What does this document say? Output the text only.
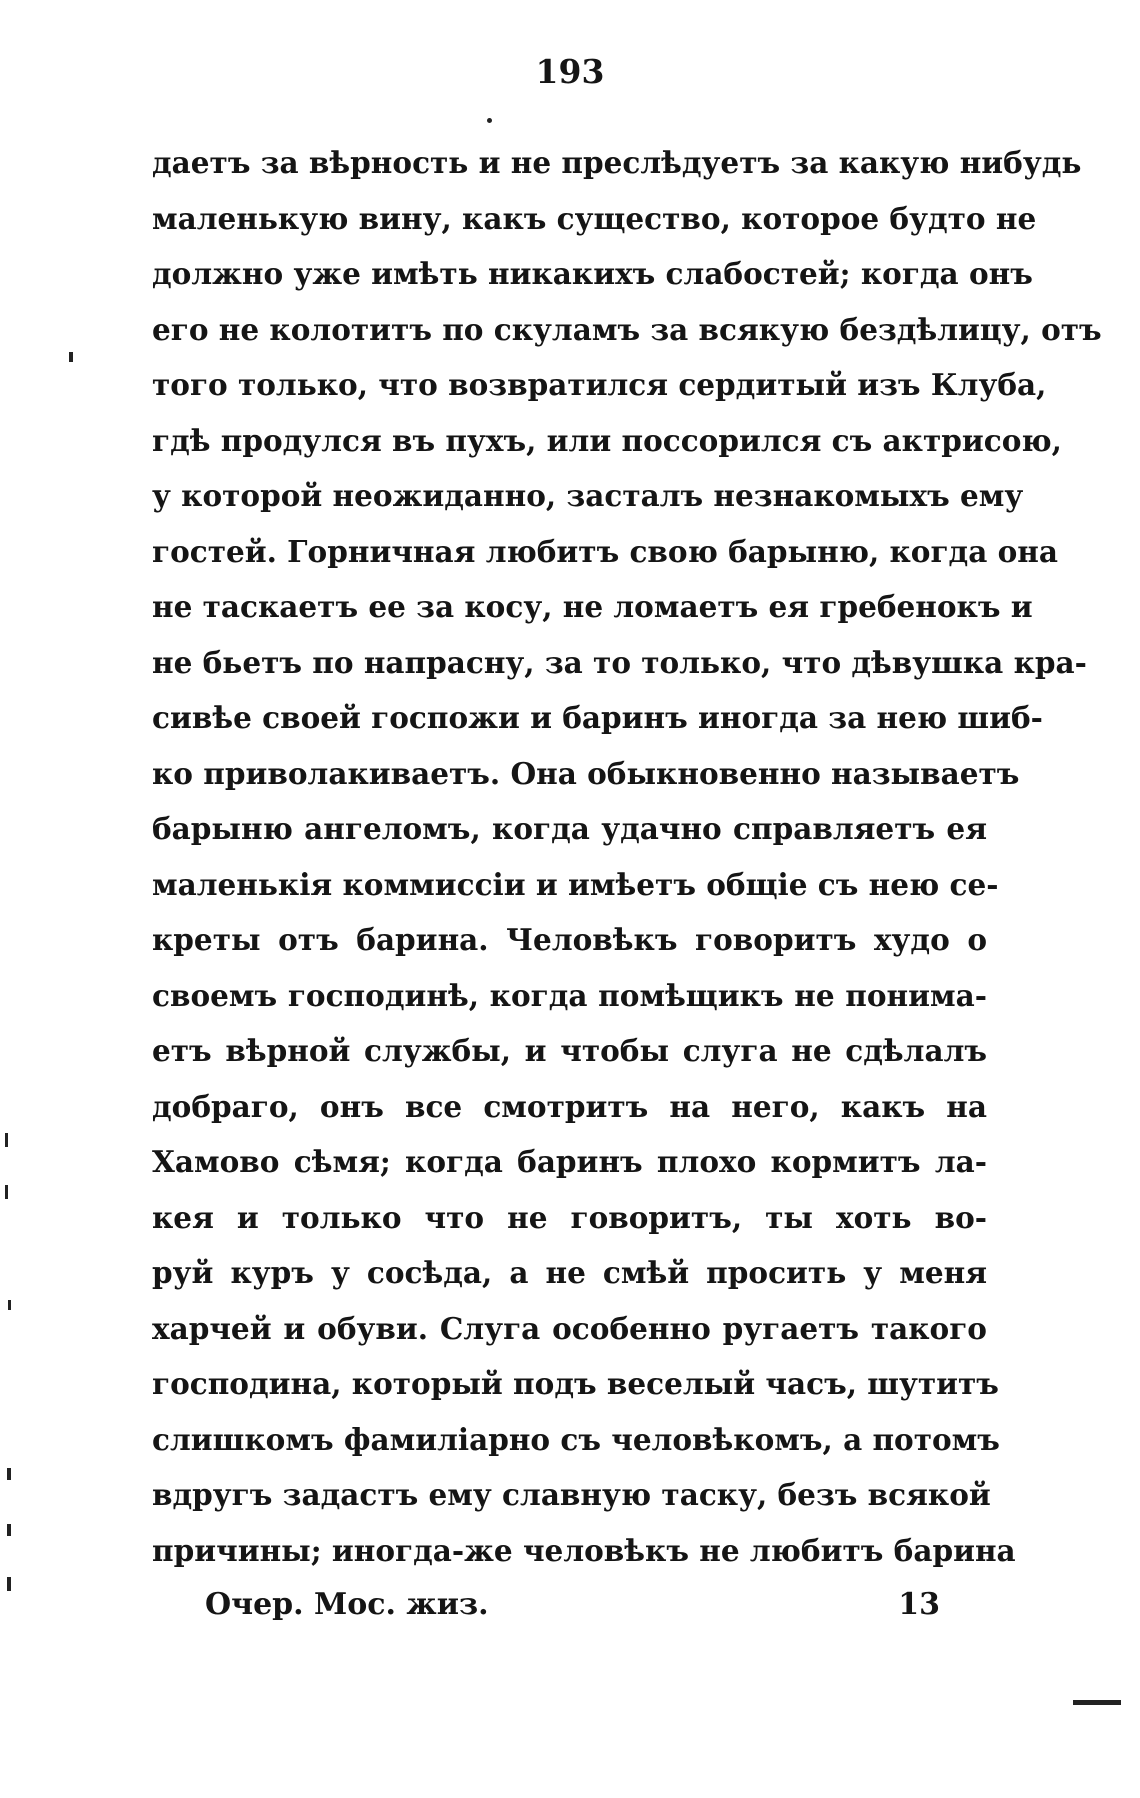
193
даетъ за вѣрность и не преслѣдуетъ за какую нибудь
маленькую вину, какъ существо, которое будто не
должно уже имѣть никакихъ слабостей; когда онъ
его не колотитъ по скуламъ за всякую бездѣлицу, отъ
того только, что возвратился сердитый изъ Клуба,
гдѣ продулся въ пухъ, или поссорился съ актрисою,
у которой неожиданно, засталъ незнакомыхъ ему
гостей. Горничная любитъ свою барыню, когда она
не таскаетъ ее за косу, не ломаетъ ея гребенокъ и
не бьетъ по напрасну, за то только, что дѣвушка кра-
сивѣе своей госпожи и баринъ иногда за нею шиб-
ко приволакиваетъ. Она обыкновенно называетъ
барыню ангеломъ, когда удачно справляетъ ея
маленькія коммиссіи и имѣетъ общіе съ нею се-
креты отъ барина. Человѣкъ говоритъ худо о
своемъ господинѣ, когда помѣщикъ не понима-
етъ вѣрной службы, и чтобы слуга не сдѣлалъ
добраго, онъ все смотритъ на него, какъ на
Хамово сѣмя; когда баринъ плохо кормитъ ла-
кея и только что не говоритъ, ты хоть во-
руй куръ у сосѣда, а не смѣй просить у меня
харчей и обуви. Слуга особенно ругаетъ такого
господина, который подъ веселый часъ, шутитъ
слишкомъ фамиліарно съ человѣкомъ, а потомъ
вдругъ задастъ ему славную таску, безъ всякой
причины; иногда-же человѣкъ не любитъ барина
Очер. Мос. жиз.	13
